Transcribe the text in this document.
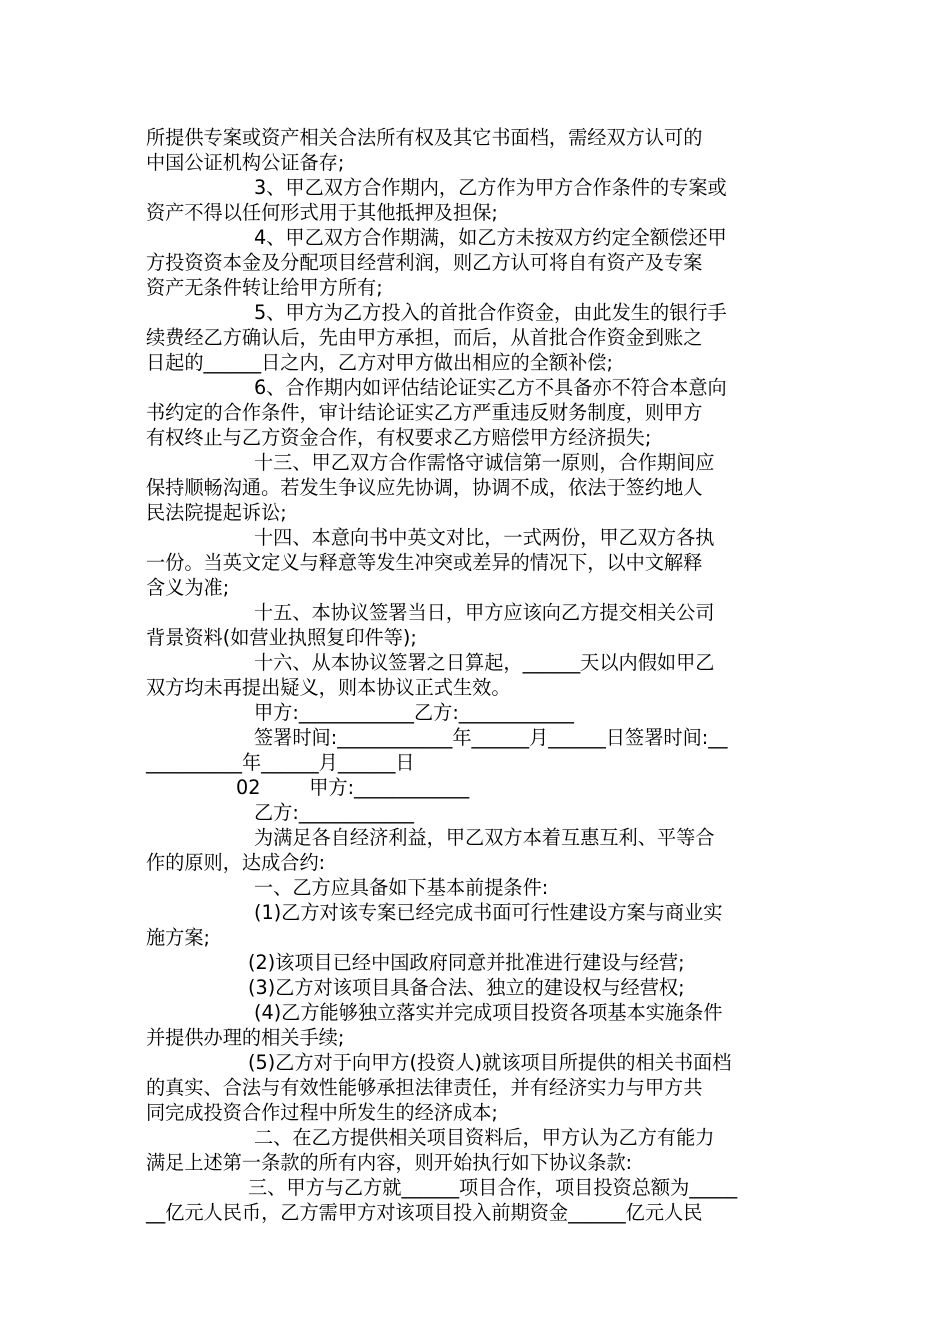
所提供专案或资产相关合法所有权及其它书面档，需经双方认可的
中国公证机构公证备存;
3、甲乙双方合作期内，乙方作为甲方合作条件的专案或
资产不得以任何形式用于其他抵押及担保;
4、甲乙双方合作期满，如乙方未按双方约定全额偿还甲
方投资资本金及分配项目经营利润，则乙方认可将自有资产及专案
资产无条件转让给甲方所有;
5、甲方为乙方投入的首批合作资金，由此发生的银行手
续费经乙方确认后，先由甲方承担，而后，从首批合作资金到账之
日起的______日之内，乙方对甲方做出相应的全额补偿;
6、合作期内如评估结论证实乙方不具备亦不符合本意向
书约定的合作条件，审计结论证实乙方严重违反财务制度，则甲方
有权终止与乙方资金合作，有权要求乙方赔偿甲方经济损失;
十三、甲乙双方合作需恪守诚信第一原则，合作期间应
保持顺畅沟通。若发生争议应先协调，协调不成，依法于签约地人
民法院提起诉讼;
十四、本意向书中英文对比，一式两份，甲乙双方各执
一份。当英文定义与释意等发生冲突或差异的情况下，以中文解释
含义为准;
十五、本协议签署当日，甲方应该向乙方提交相关公司
背景资料(如营业执照复印件等);
十六、从本协议签署之日算起，______天以内假如甲乙
双方均未再提出疑义，则本协议正式生效。
甲方:____________乙方:____________
签署时间:____________年______月______日签署时间:__
__________年______月______日
02        甲方:____________
乙方:____________
为满足各自经济利益，甲乙双方本着互惠互利、平等合
作的原则，达成合约:
一、乙方应具备如下基本前提条件:
(1)乙方对该专案已经完成书面可行性建设方案与商业实
施方案;
(2)该项目已经中国政府同意并批准进行建设与经营;
(3)乙方对该项目具备合法、独立的建设权与经营权;
(4)乙方能够独立落实并完成项目投资各项基本实施条件
并提供办理的相关手续;
(5)乙方对于向甲方(投资人)就该项目所提供的相关书面档
的真实、合法与有效性能够承担法律责任，并有经济实力与甲方共
同完成投资合作过程中所发生的经济成本;
二、在乙方提供相关项目资料后，甲方认为乙方有能力
满足上述第一条款的所有内容，则开始执行如下协议条款:
三、甲方与乙方就______项目合作，项目投资总额为_____
__亿元人民币，乙方需甲方对该项目投入前期资金______亿元人民
